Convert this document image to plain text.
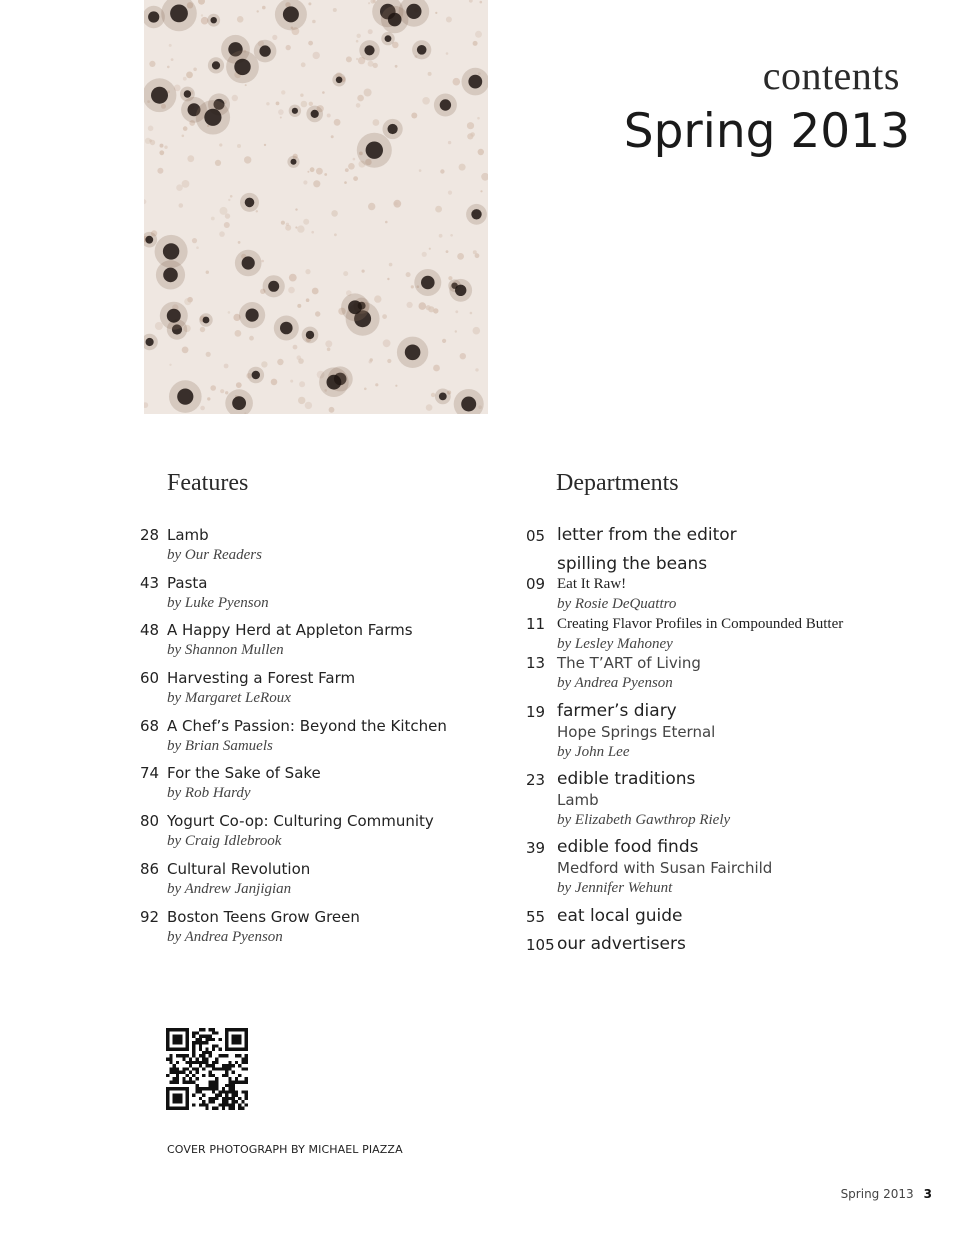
contents
Spring 2013
Features
28 Lamb
by Our Readers
43 Pasta
by Luke Pyenson
48 A Happy Herd at Appleton Farms
by Shannon Mullen
60 Harvesting a Forest Farm
by Margaret LeRoux
68 A Chef’s Passion: Beyond the Kitchen
by Brian Samuels
74 For the Sake of Sake
by Rob Hardy
80 Yogurt Co-op: Culturing Community
by Craig Idlebrook
86 Cultural Revolution
by Andrew Janjigian
92 Boston Teens Grow Green
by Andrea Pyenson
Departments
05 letter from the editor
spilling the beans
09 Eat It Raw!
by Rosie DeQuattro
11 Creating Flavor Profiles in Compounded Butter
by Lesley Mahoney
13 The T’ART of Living
by Andrea Pyenson
19 farmer’s diary
Hope Springs Eternal
by John Lee
23 edible traditions
Lamb
by Elizabeth Gawthrop Riely
39 edible food finds
Medford with Susan Fairchild
by Jennifer Wehunt
55 eat local guide
105 our advertisers
COVER PHOTOGRAPH BY MICHAEL PIAZZA
Spring 2013 3
